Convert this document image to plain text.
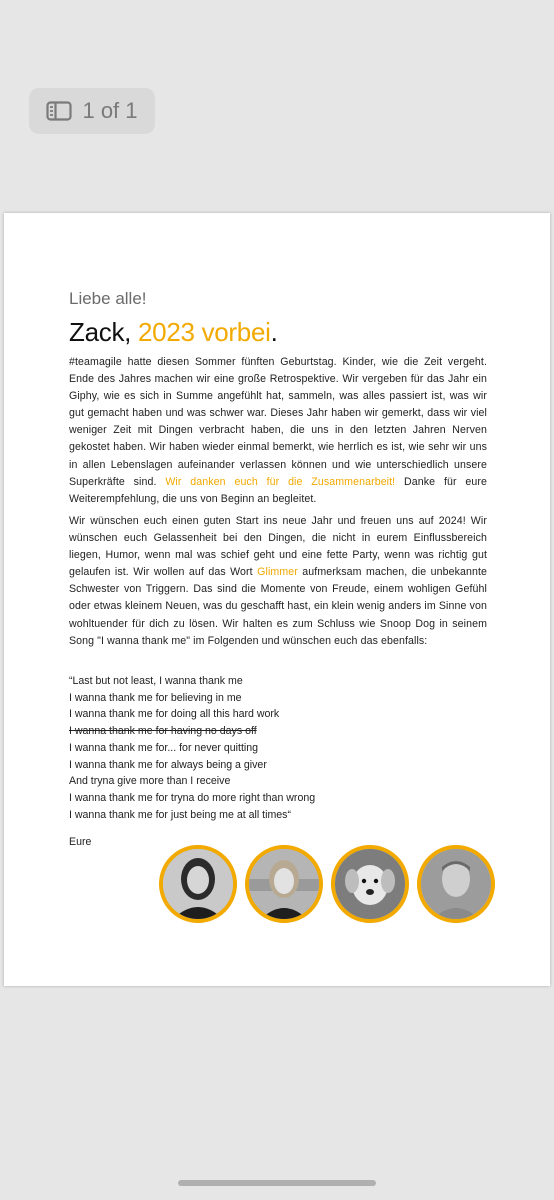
1 of 1
Liebe alle!
Zack, 2023 vorbei.

#teamagile hatte diesen Sommer fünften Geburtstag. Kinder, wie die Zeit vergeht. Ende des Jahres machen wir eine große Retrospektive. Wir vergeben für das Jahr ein Giphy, wie es sich in Summe angefühlt hat, sammeln, was alles passiert ist, was wir gut gemacht haben und was schwer war. Dieses Jahr haben wir gemerkt, dass wir viel weniger Zeit mit Dingen verbracht haben, die uns in den letzten Jahren Nerven gekostet haben. Wir haben wieder einmal bemerkt, wie herrlich es ist, wie sehr wir uns in allen Lebenslagen aufeinander verlassen können und wie unterschiedlich unsere Superkräfte sind. Wir danken euch für die Zusammenarbeit! Danke für eure Weiterempfehlung, die uns von Beginn an begleitet.

Wir wünschen euch einen guten Start ins neue Jahr und freuen uns auf 2024! Wir wünschen euch Gelassenheit bei den Dingen, die nicht in eurem Einflussbereich liegen, Humor, wenn mal was schief geht und eine fette Party, wenn was richtig gut gelaufen ist. Wir wollen auf das Wort Glimmer aufmerksam machen, die unbekannte Schwester von Triggern. Das sind die Momente von Freude, einem wohligen Gefühl oder etwas kleinem Neuen, was du geschafft hast, ein klein wenig anders im Sinne von wohltuender für dich zu lösen. Wir halten es zum Schluss wie Snoop Dog in seinem Song "I wanna thank me" im Folgenden und wünschen euch das ebenfalls:

“Last but not least, I wanna thank me
I wanna thank me for believing in me
I wanna thank me for doing all this hard work
I wanna thank me for having no days off
I wanna thank me for... for never quitting
I wanna thank me for always being a giver
And tryna give more than I receive
I wanna thank me for tryna do more right than wrong
I wanna thank me for just being me at all times“

Eure
